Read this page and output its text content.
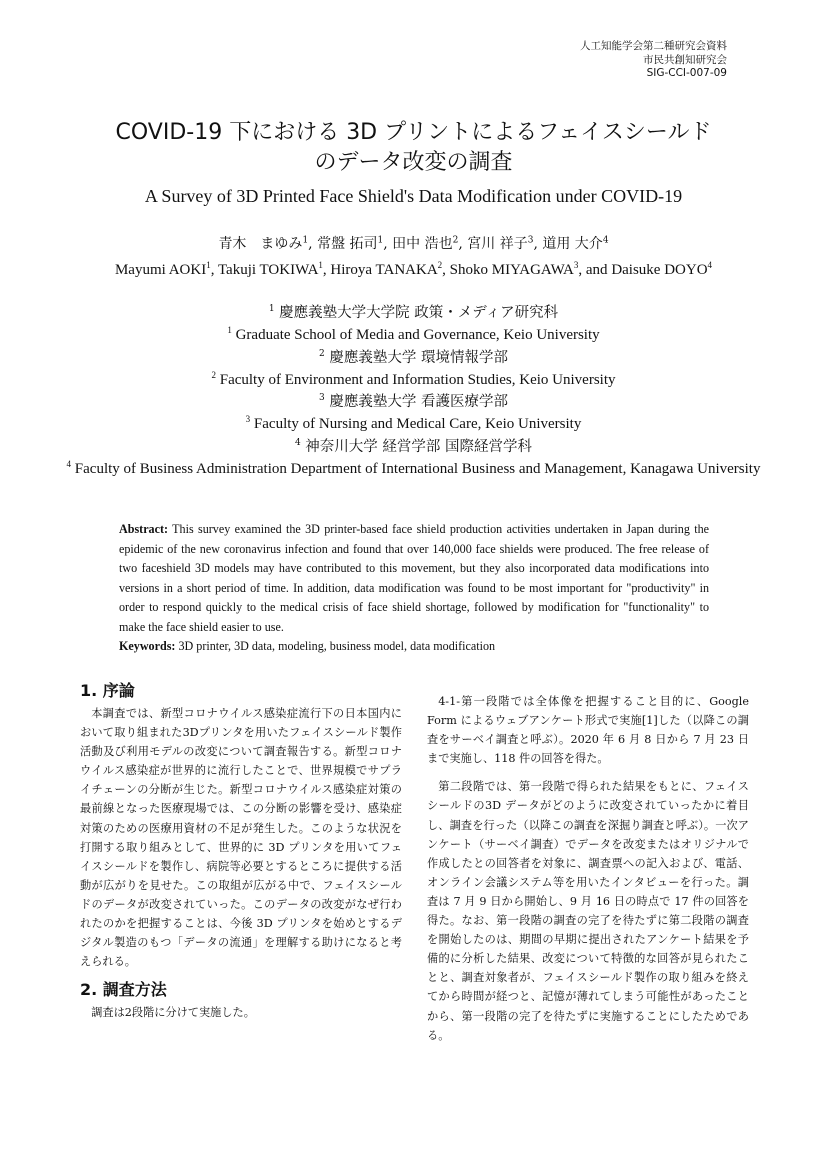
人工知能学会第二種研究会資料
市民共創知研究会
SIG-CCI-007-09
COVID-19 下における 3D プリントによるフェイスシールド
のデータ改変の調査
A Survey of 3D Printed Face Shield's Data Modification under COVID-19
青木　まゆみ$^1$, 常盤 拓司$^1$, 田中 浩也$^2$, 宮川 祥子$^3$, 道用 大介$^4$
Mayumi AOKI$^1$, Takuji TOKIWA$^1$, Hiroya TANAKA$^2$, Shoko MIYAGAWA$^3$, and Daisuke DOYO$^4$
$^1$ 慶應義塾大学大学院 政策・メディア研究科
$^1$ Graduate School of Media and Governance, Keio University
$^2$ 慶應義塾大学 環境情報学部
$^2$ Faculty of Environment and Information Studies, Keio University
$^3$ 慶應義塾大学 看護医療学部
$^3$ Faculty of Nursing and Medical Care, Keio University
$^4$ 神奈川大学 経営学部 国際経営学科
$^4$ Faculty of Business Administration Department of International Business and Management, Kanagawa University
Abstract: This survey examined the 3D printer-based face shield production activities undertaken in Japan during the epidemic of the new coronavirus infection and found that over 140,000 face shields were produced. The free release of two faceshield 3D models may have contributed to this movement, but they also incorporated data modifications into versions in a short period of time. In addition, data modification was found to be most important for "productivity" in order to respond quickly to the medical crisis of face shield shortage, followed by modification for "functionality" to make the face shield easier to use.
Keywords: 3D printer, 3D data, modeling, business model, data modification
1. 序論

本調査では、新型コロナウイルス感染症流行下の日本国内において取り組まれた3Dプリンタを用いたフェイスシールド製作活動及び利用モデルの改変について調査報告する。新型コロナウイルス感染症が世界的に流行したことで、世界規模でサプライチェーンの分断が生じた。新型コロナウイルス感染症対策の最前線となった医療現場では、この分断の影響を受け、感染症対策のための医療用資材の不足が発生した。このような状況を打開する取り組みとして、世界的に 3D プリンタを用いてフェイスシールドを製作し、病院等必要とするところに提供する活動が広がりを見せた。この取組が広がる中で、フェイスシールドのデータが改変されていった。このデータの改変がなぜ行われたのかを把握することは、今後 3D プリンタを始めとするデジタル製造のもつ「データの流通」を理解する助けになると考えられる。

2. 調査方法

調査は2段階に分けて実施した。

4-1-第一段階では全体像を把握すること目的に、Google Form によるウェブアンケート形式で実施[1]した（以降この調査をサーベイ調査と呼ぶ）。2020 年 6 月 8 日から 7 月 23 日まで実施し、118 件の回答を得た。

第二段階では、第一段階で得られた結果をもとに、フェイスシールドの3D データがどのように改変されていったかに着目し、調査を行った（以降この調査を深掘り調査と呼ぶ）。一次アンケート（サーベイ調査）でデータを改変またはオリジナルで作成したとの回答者を対象に、調査票への記入および、電話、オンライン会議システム等を用いたインタビューを行った。調査は 7 月 9 日から開始し、9 月 16 日の時点で 17 件の回答を得た。なお、第一段階の調査の完了を待たずに第二段階の調査を開始したのは、期間の早期に提出されたアンケート結果を予備的に分析した結果、改変について特徴的な回答が見られたことと、調査対象者が、フェイスシールド製作の取り組みを終えてから時間が経つと、記憶が薄れてしまう可能性があったことから、第一段階の完了を待たずに実施することにしたためである。
